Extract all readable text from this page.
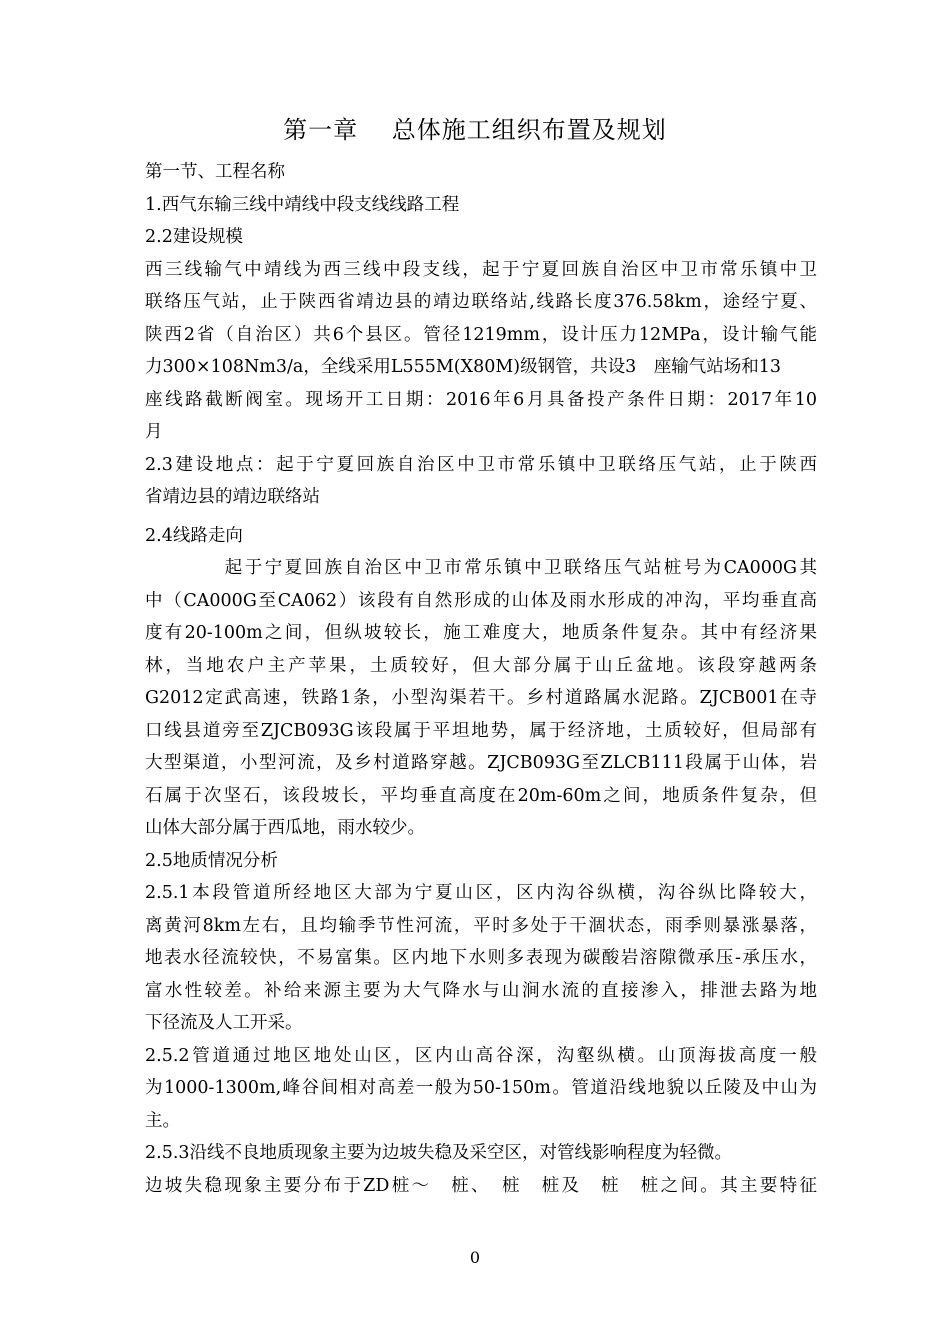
第一章　 总体施工组织布置及规划
第一节、工程名称
1.西气东输三线中靖线中段支线线路工程
2.2建设规模
西三线输气中靖线为西三线中段支线，起于宁夏回族自治区中卫市常乐镇中卫
联络压气站，止于陕西省靖边县的靖边联络站,线路长度376.58km，途经宁夏、
陕西2省（自治区）共6个县区。管径1219mm，设计压力12MPa，设计输气能
力300×108Nm3/a，全线采用L555M(X80M)级钢管，共设3　座输气站场和13
座线路截断阀室。现场开工日期：2016年6月具备投产条件日期：2017年10
月
2.3建设地点：起于宁夏回族自治区中卫市常乐镇中卫联络压气站，止于陕西
省靖边县的靖边联络站
2.4线路走向
　　　　起于宁夏回族自治区中卫市常乐镇中卫联络压气站桩号为CA000G其
中（CA000G至CA062）该段有自然形成的山体及雨水形成的冲沟，平均垂直高
度有20-100m之间，但纵坡较长，施工难度大，地质条件复杂。其中有经济果
林，当地农户主产苹果，土质较好，但大部分属于山丘盆地。该段穿越两条
G2012定武高速，铁路1条，小型沟渠若干。乡村道路属水泥路。ZJCB001在寺
口线县道旁至ZJCB093G该段属于平坦地势，属于经济地，土质较好，但局部有
大型渠道，小型河流，及乡村道路穿越。ZJCB093G至ZLCB111段属于山体，岩
石属于次坚石，该段坡长，平均垂直高度在20m-60m之间，地质条件复杂，但
山体大部分属于西瓜地，雨水较少。
2.5地质情况分析
2.5.1本段管道所经地区大部为宁夏山区，区内沟谷纵横，沟谷纵比降较大，
离黄河8km左右，且均输季节性河流，平时多处于干涸状态，雨季则暴涨暴落，
地表水径流较快，不易富集。区内地下水则多表现为碳酸岩溶隙微承压-承压水，
富水性较差。补给来源主要为大气降水与山涧水流的直接渗入，排泄去路为地
下径流及人工开采。
2.5.2管道通过地区地处山区，区内山高谷深，沟壑纵横。山顶海拔高度一般
为1000-1300m,峰谷间相对高差一般为50-150m。管道沿线地貌以丘陵及中山为
主。
2.5.3沿线不良地质现象主要为边坡失稳及采空区，对管线影响程度为轻微。
边坡失稳现象主要分布于ZD桩～　桩、　桩　桩及　桩　桩之间。其主要特征
0
